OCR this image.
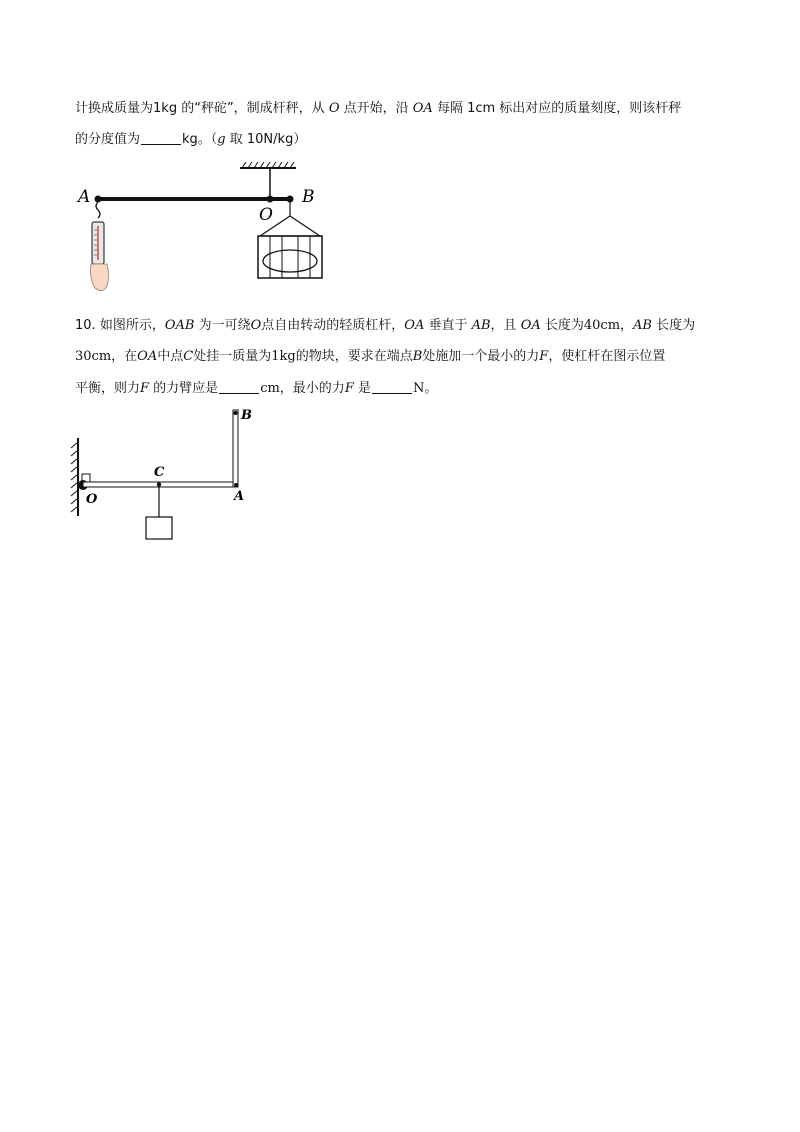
计换成质量为1kg 的“秤砣”，制成杆秤，从 O 点开始，沿 OA 每隔 1cm 标出对应的质量刻度，则该杆秤
的分度值为	kg。（g 取 10N/kg）
A
O
B
10. 如图所示，OAB 为一可绕O点自由转动的轻质杠杆，OA 垂直于 AB，且 OA 长度为40cm，AB 长度为
30cm，在OA中点C处挂一质量为1kg的物块，要求在端点B处施加一个最小的力F，使杠杆在图示位置
平衡，则力F 的力臂应是	cm，最小的力F 是	N。
B
C
O	A
